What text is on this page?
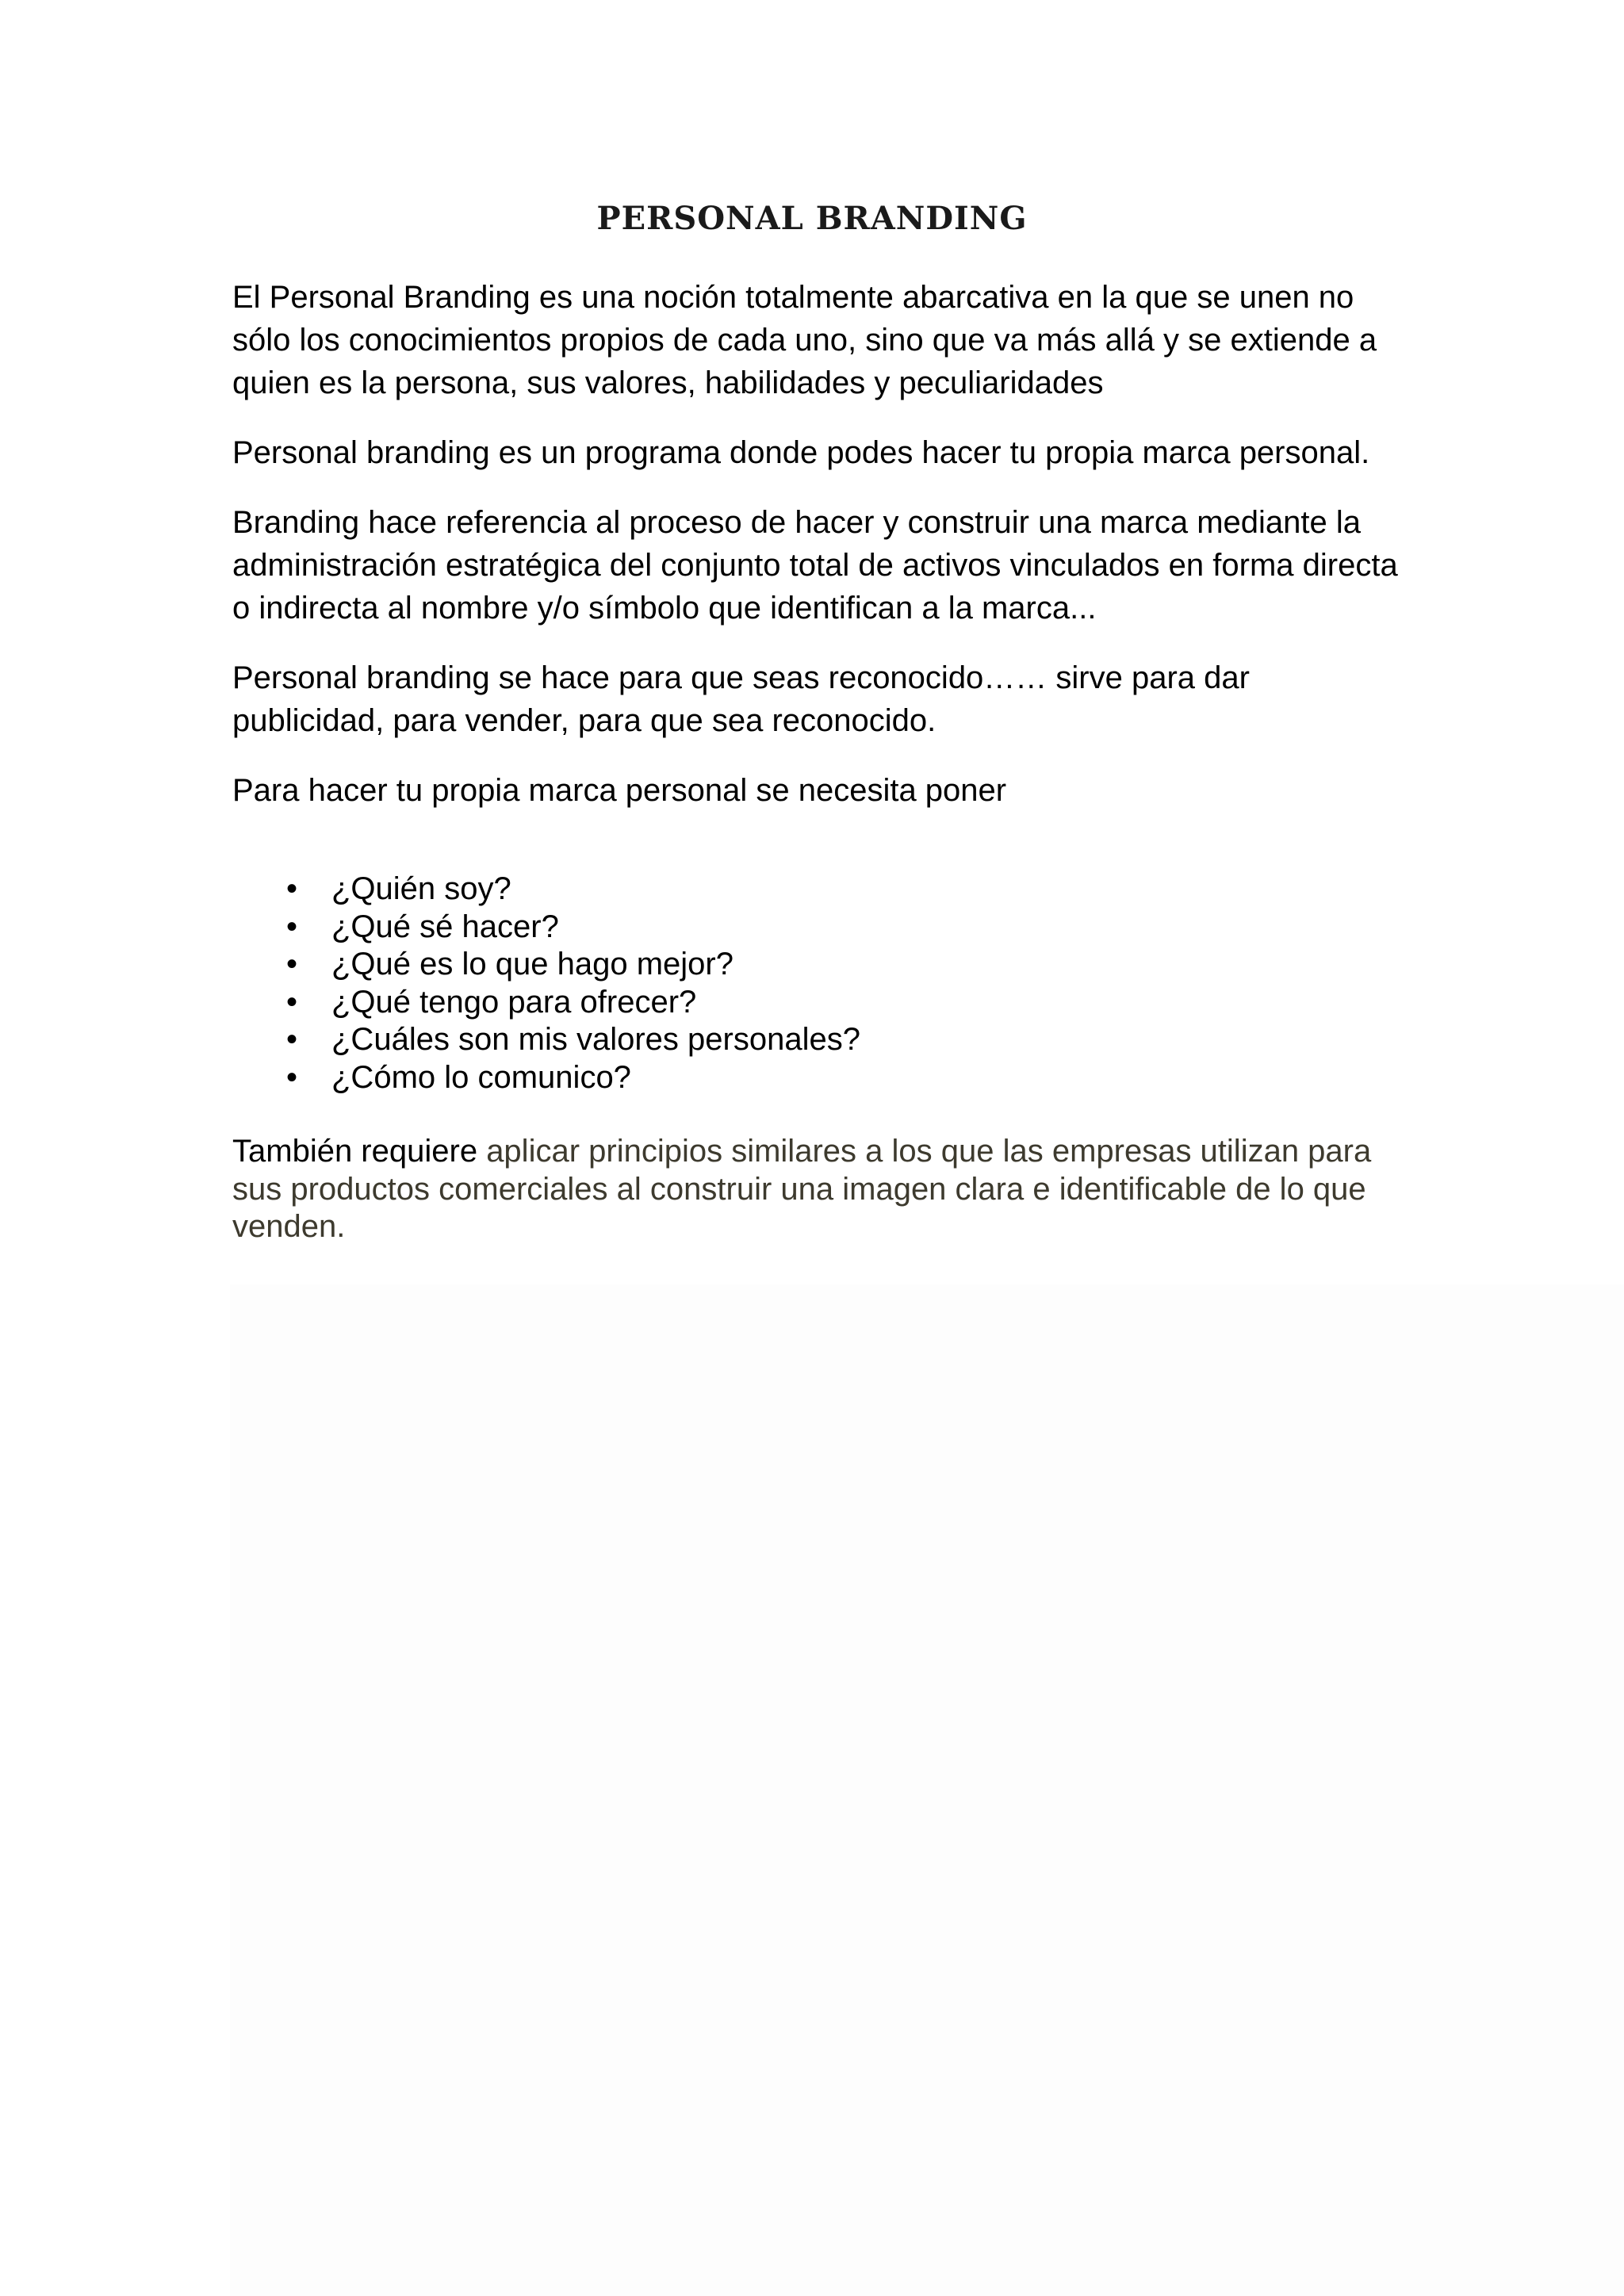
PERSONAL BRANDING

El Personal Branding es una noción totalmente abarcativa en la que se unen no sólo los conocimientos propios de cada uno, sino que va más allá y se extiende a quien es la persona, sus valores, habilidades y peculiaridades

Personal branding es un programa donde podes hacer tu propia marca personal.

Branding hace referencia al proceso de hacer y construir una marca mediante la administración estratégica del conjunto total de activos vinculados en forma directa o indirecta al nombre y/o símbolo que identifican a la marca...

Personal branding se hace para que seas reconocido…… sirve para dar publicidad, para vender, para que sea reconocido.

Para hacer tu propia marca personal se necesita poner

• ¿Quién soy?
• ¿Qué sé hacer?
• ¿Qué es lo que hago mejor?
• ¿Qué tengo para ofrecer?
• ¿Cuáles son mis valores personales?
• ¿Cómo lo comunico?

También requiere aplicar principios similares a los que las empresas utilizan para sus productos comerciales al construir una imagen clara e identificable de lo que venden.
